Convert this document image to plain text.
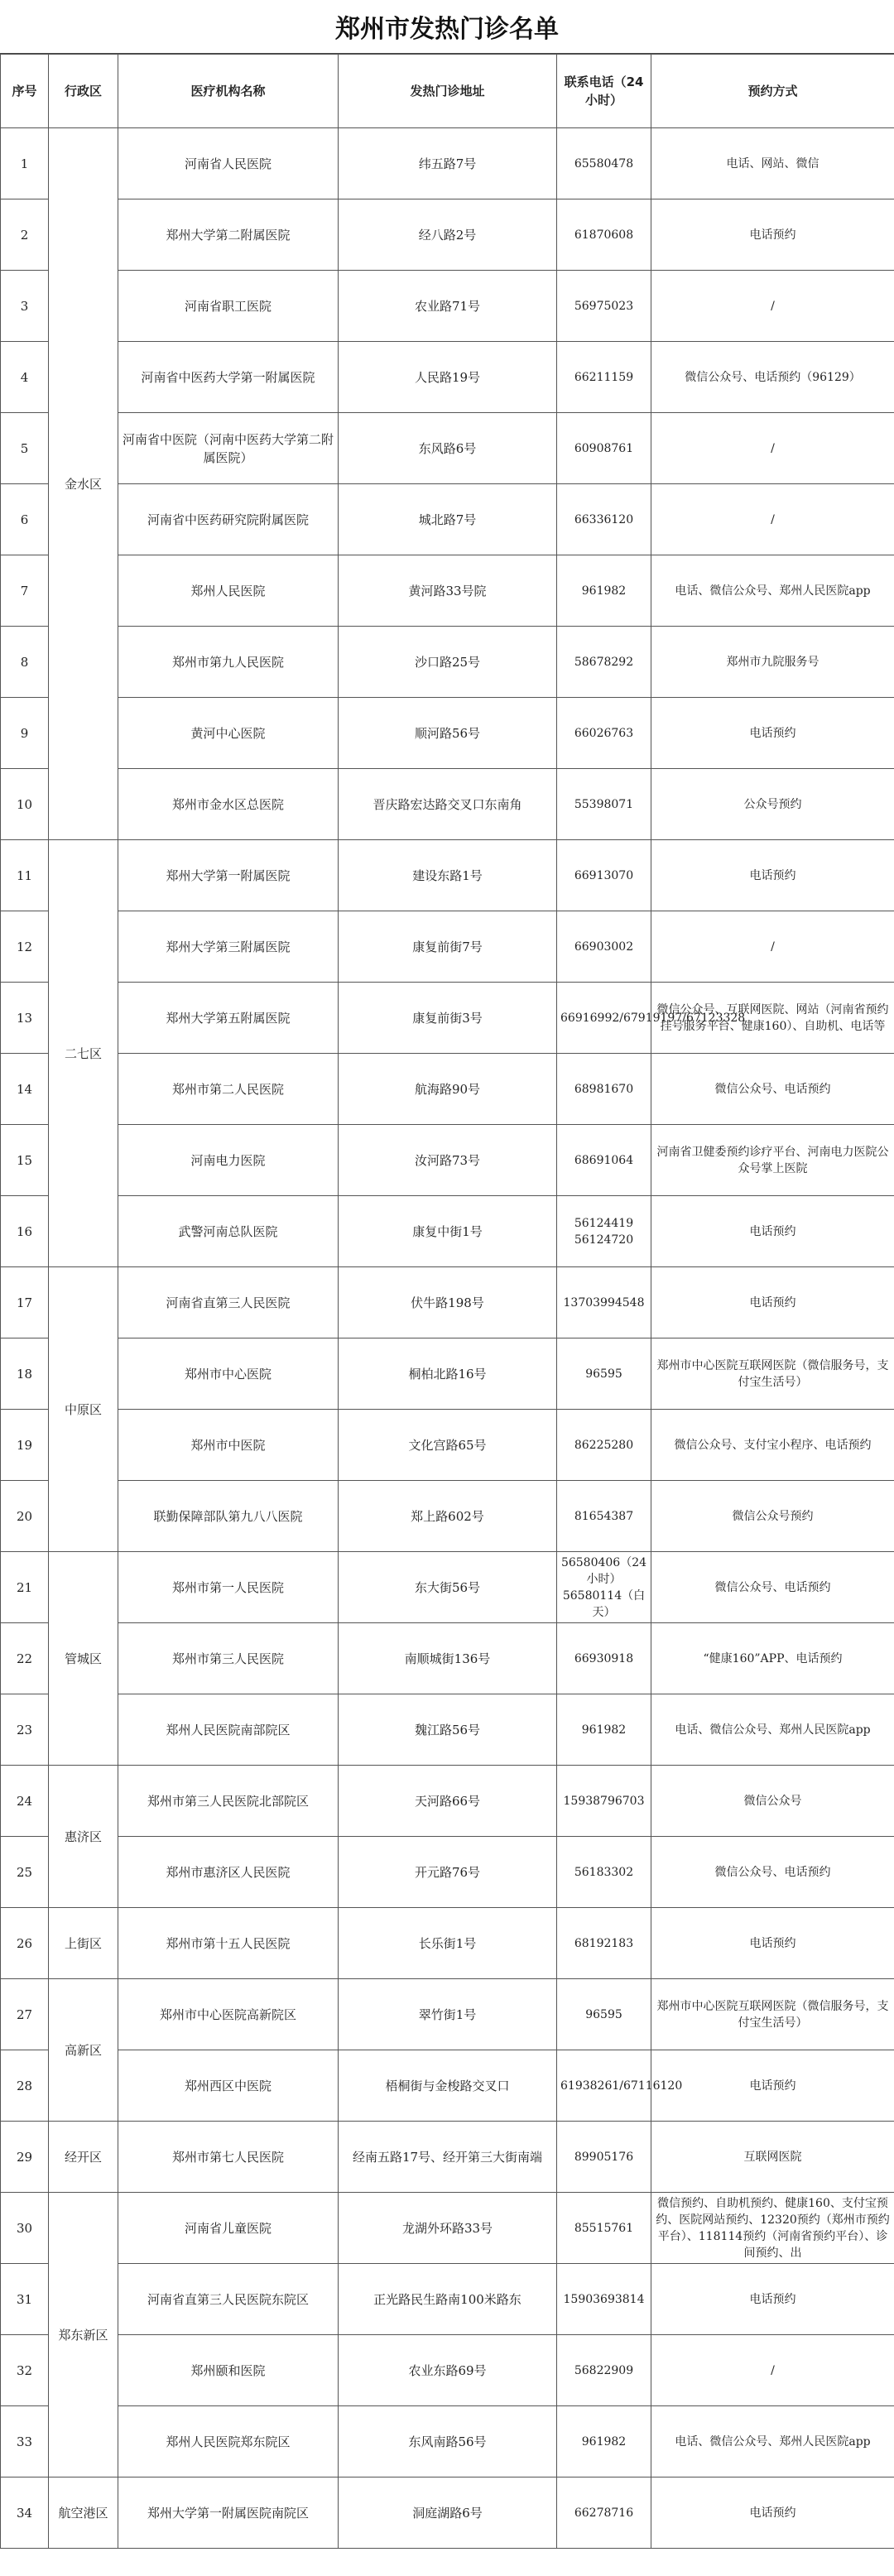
郑州市发热门诊名单
序号	行政区	医疗机构名称	发热门诊地址	联系电话（24小时）	预约方式
1	金水区	河南省人民医院	纬五路7号	65580478	电话、网站、微信
2		郑州大学第二附属医院	经八路2号	61870608	电话预约
3		河南省职工医院	农业路71号	56975023	/
4		河南省中医药大学第一附属医院	人民路19号	66211159	微信公众号、电话预约（96129）
5		河南省中医院（河南中医药大学第二附属医院）	东风路6号	60908761	/
6		河南省中医药研究院附属医院	城北路7号	66336120	/
7		郑州人民医院	黄河路33号院	961982	电话、微信公众号、郑州人民医院app
8		郑州市第九人民医院	沙口路25号	58678292	郑州市九院服务号
9		黄河中心医院	顺河路56号	66026763	电话预约
10		郑州市金水区总医院	晋庆路宏达路交叉口东南角	55398071	公众号预约
11	二七区	郑州大学第一附属医院	建设东路1号	66913070	电话预约
12		郑州大学第三附属医院	康复前街7号	66903002	/
13		郑州大学第五附属医院	康复前街3号	66916992/67919197/67123328	微信公众号、互联网医院、网站（河南省预约挂号服务平台、健康160）、自助机、电话等
14		郑州市第二人民医院	航海路90号	68981670	微信公众号、电话预约
15		河南电力医院	汝河路73号	68691064	河南省卫健委预约诊疗平台、河南电力医院公众号掌上医院
16		武警河南总队医院	康复中街1号	56124419 56124720	电话预约
17	中原区	河南省直第三人民医院	伏牛路198号	13703994548	电话预约
18		郑州市中心医院	桐柏北路16号	96595	郑州市中心医院互联网医院（微信服务号，支付宝生活号）
19		郑州市中医院	文化宫路65号	86225280	微信公众号、支付宝小程序、电话预约
20		联勤保障部队第九八八医院	郑上路602号	81654387	微信公众号预约
21	管城区	郑州市第一人民医院	东大街56号	56580406（24小时）56580114（白天）	微信公众号、电话预约
22		郑州市第三人民医院	南顺城街136号	66930918	“健康160”APP、电话预约
23		郑州人民医院南部院区	魏江路56号	961982	电话、微信公众号、郑州人民医院app
24	惠济区	郑州市第三人民医院北部院区	天河路66号	15938796703	微信公众号
25		郑州市惠济区人民医院	开元路76号	56183302	微信公众号、电话预约
26	上街区	郑州市第十五人民医院	长乐街1号	68192183	电话预约
27	高新区	郑州市中心医院高新院区	翠竹街1号	96595	郑州市中心医院互联网医院（微信服务号，支付宝生活号）
28		郑州西区中医院	梧桐街与金梭路交叉口	61938261/67116120	电话预约
29	经开区	郑州市第七人民医院	经南五路17号、经开第三大街南端	89905176	互联网医院
30	郑东新区	河南省儿童医院	龙湖外环路33号	85515761	微信预约、自助机预约、健康160、支付宝预约、医院网站预约、12320预约（郑州市预约平台）、118114预约（河南省预约平台）、诊间预约、出
31		河南省直第三人民医院东院区	正光路民生路南100米路东	15903693814	电话预约
32		郑州颐和医院	农业东路69号	56822909	/
33		郑州人民医院郑东院区	东风南路56号	961982	电话、微信公众号、郑州人民医院app
34	航空港区	郑州大学第一附属医院南院区	洞庭湖路6号	66278716	电话预约
